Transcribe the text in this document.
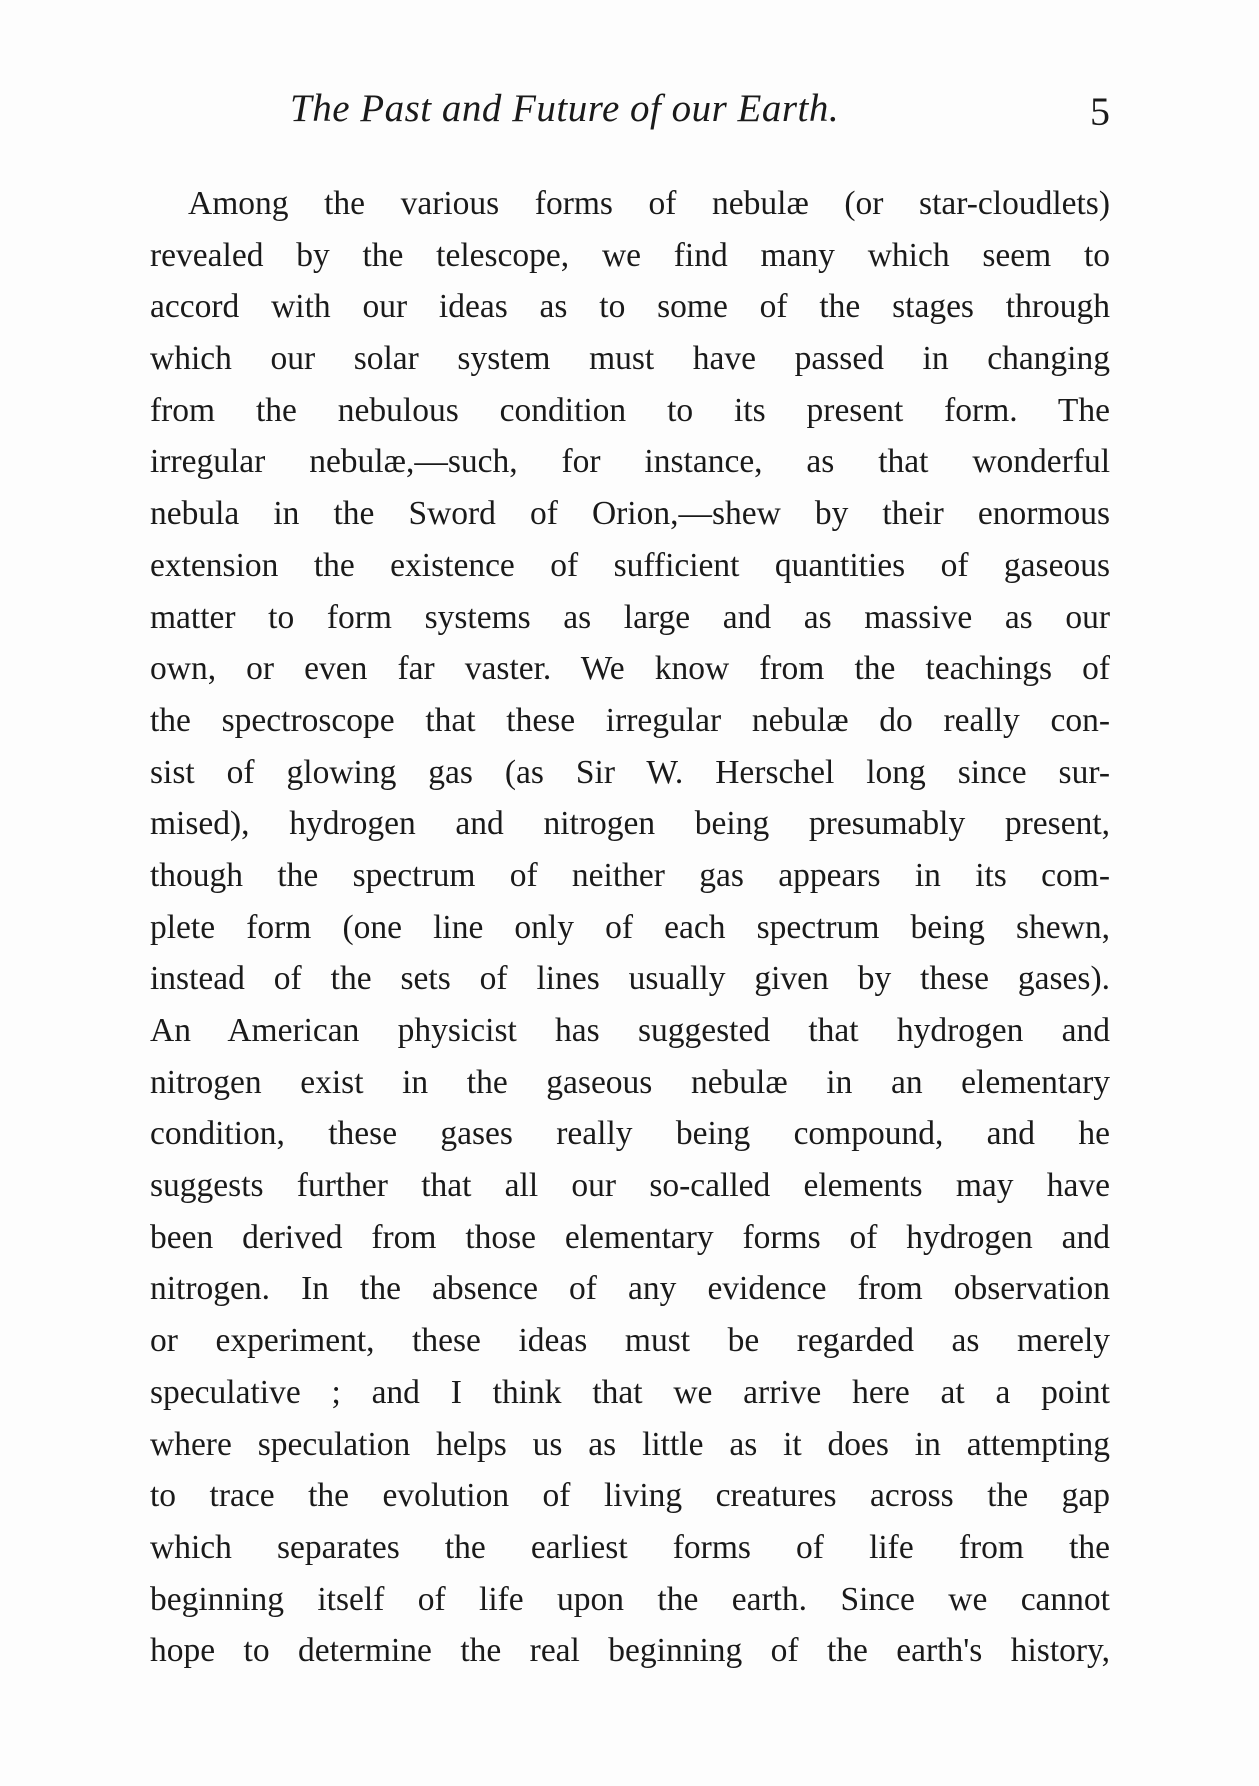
The Past and Future of our Earth.	5
Among the various forms of nebulæ (or star-cloudlets)
revealed by the telescope, we find many which seem to
accord with our ideas as to some of the stages through
which our solar system must have passed in changing
from the nebulous condition to its present form. The
irregular nebulæ,—such, for instance, as that wonderful
nebula in the Sword of Orion,—shew by their enormous
extension the existence of sufficient quantities of gaseous
matter to form systems as large and as massive as our
own, or even far vaster. We know from the teachings of
the spectroscope that these irregular nebulæ do really con-
sist of glowing gas (as Sir W. Herschel long since sur-
mised), hydrogen and nitrogen being presumably present,
though the spectrum of neither gas appears in its com-
plete form (one line only of each spectrum being shewn,
instead of the sets of lines usually given by these gases).
An American physicist has suggested that hydrogen and
nitrogen exist in the gaseous nebulæ in an elementary
condition, these gases really being compound, and he
suggests further that all our so-called elements may have
been derived from those elementary forms of hydrogen and
nitrogen. In the absence of any evidence from observation
or experiment, these ideas must be regarded as merely
speculative ; and I think that we arrive here at a point
where speculation helps us as little as it does in attempting
to trace the evolution of living creatures across the gap
which separates the earliest forms of life from the
beginning itself of life upon the earth. Since we cannot
hope to determine the real beginning of the earth's history,
